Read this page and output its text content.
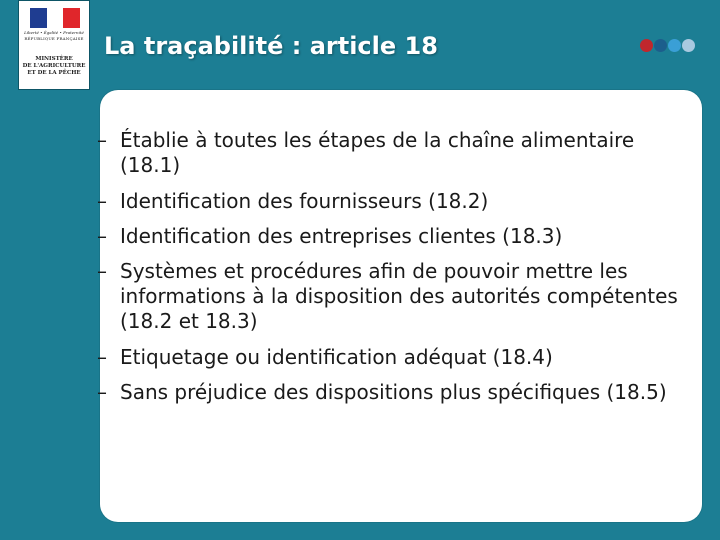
Liberté • Égalité • Fraternité
RÉPUBLIQUE FRANÇAISE
MINISTÈRE
DE L'AGRICULTURE
ET DE LA PÊCHE
La traçabilité : article 18
– Établie à toutes les étapes de la chaîne alimentaire (18.1)
– Identification des fournisseurs (18.2)
– Identification des entreprises clientes (18.3)
– Systèmes et procédures afin de pouvoir mettre les informations à la disposition des autorités compétentes (18.2 et 18.3)
– Etiquetage ou identification adéquat (18.4)
– Sans préjudice des dispositions plus spécifiques (18.5)
